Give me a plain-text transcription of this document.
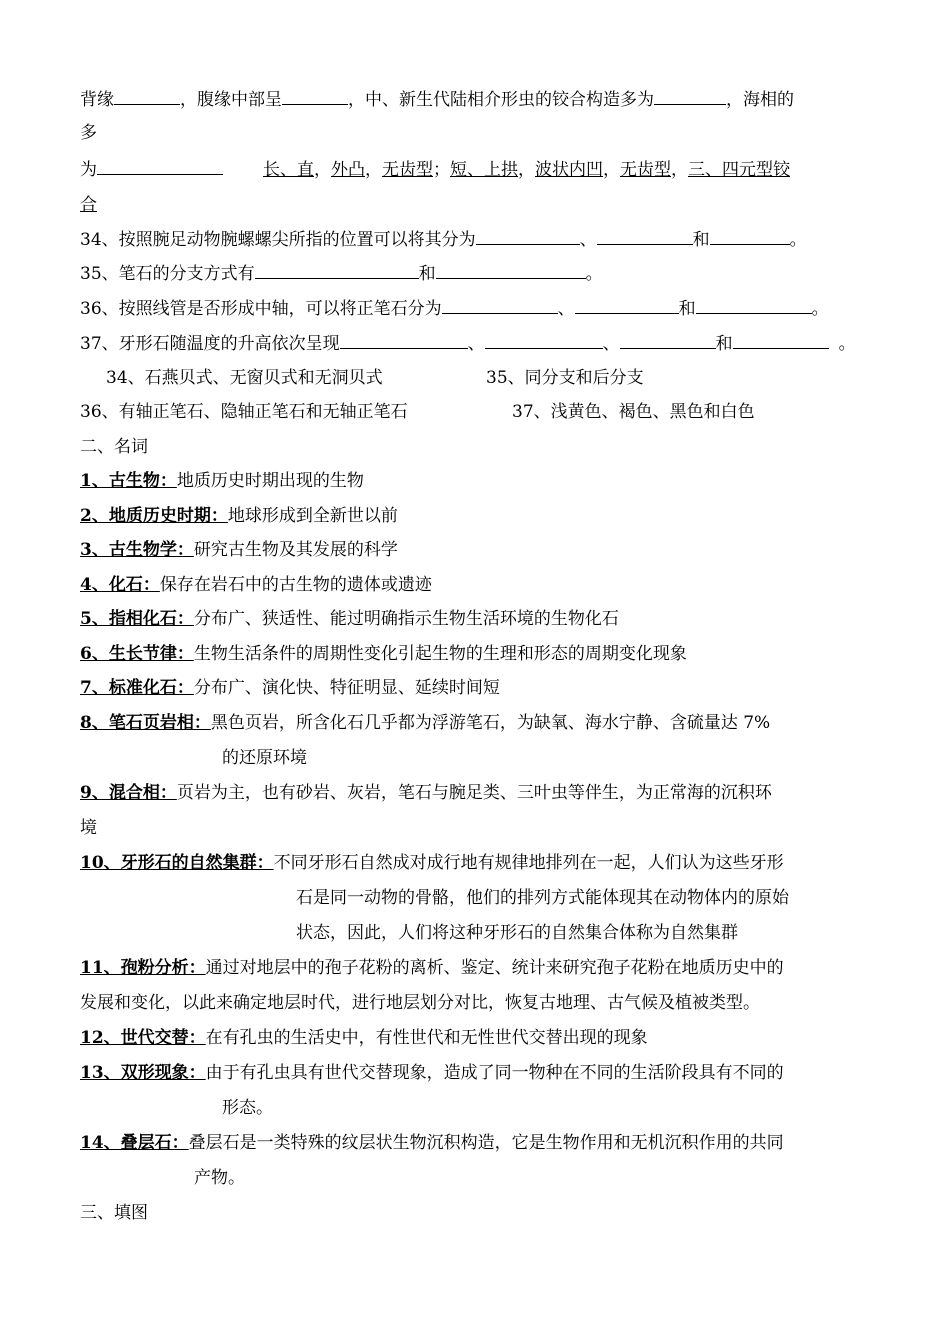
背缘	，腹缘中部呈	，中、新生代陆相介形虫的铰合构造多为	，海相的
多
为	长、直，外凸，无齿型；短、上拱，波状内凹，无齿型，三、四元型铰
合
34、按照腕足动物腕螺螺尖所指的位置可以将其分为	、	和	。
35、笔石的分支方式有	和	。
36、按照线管是否形成中轴，可以将正笔石分为	、	和	。
37、牙形石随温度的升高依次呈现	、	、	和	。
34、石燕贝式、无窗贝式和无洞贝式	35、同分支和后分支
36、有轴正笔石、隐轴正笔石和无轴正笔石	37、浅黄色、褐色、黑色和白色
二、名词
1、古生物：地质历史时期出现的生物
2、地质历史时期：地球形成到全新世以前
3、古生物学：研究古生物及其发展的科学
4、化石：保存在岩石中的古生物的遗体或遗迹
5、指相化石：分布广、狭适性、能过明确指示生物生活环境的生物化石
6、生长节律：生物生活条件的周期性变化引起生物的生理和形态的周期变化现象
7、标准化石：分布广、演化快、特征明显、延续时间短
8、笔石页岩相：黑色页岩，所含化石几乎都为浮游笔石，为缺氧、海水宁静、含硫量达 7%
的还原环境
9、混合相：页岩为主，也有砂岩、灰岩，笔石与腕足类、三叶虫等伴生，为正常海的沉积环
境
10、牙形石的自然集群：不同牙形石自然成对成行地有规律地排列在一起，人们认为这些牙形
石是同一动物的骨骼，他们的排列方式能体现其在动物体内的原始
状态，因此，人们将这种牙形石的自然集合体称为自然集群
11、孢粉分析：通过对地层中的孢子花粉的离析、鉴定、统计来研究孢子花粉在地质历史中的
发展和变化，以此来确定地层时代，进行地层划分对比，恢复古地理、古气候及植被类型。
12、世代交替：在有孔虫的生活史中，有性世代和无性世代交替出现的现象
13、双形现象：由于有孔虫具有世代交替现象，造成了同一物种在不同的生活阶段具有不同的
形态。
14、叠层石：叠层石是一类特殊的纹层状生物沉积构造，它是生物作用和无机沉积作用的共同
产物。
三、填图
